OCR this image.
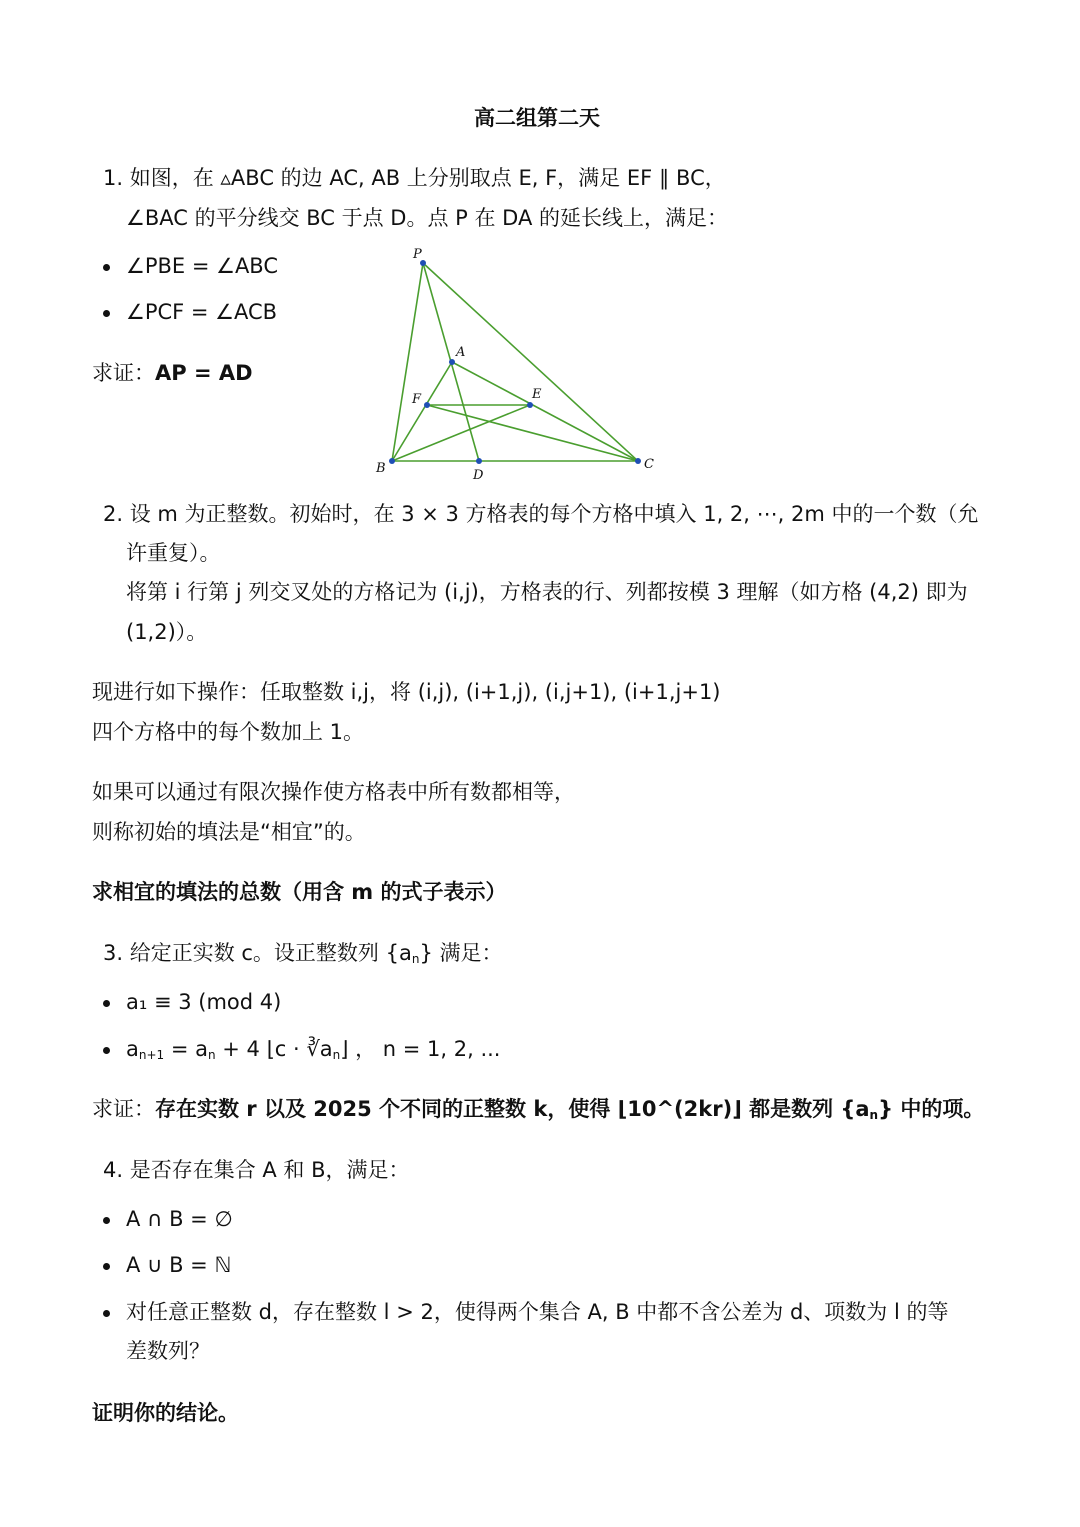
高二组第二天
1. 如图，在 ▵ABC 的边 AC, AB 上分别取点 E, F，满足 EF ∥ BC，
∠BAC 的平分线交 BC 于点 D。点 P 在 DA 的延长线上，满足：
∠PBE = ∠ABC
∠PCF = ∠ACB
求证：AP = AD
P
A
F	E
B	D
C
2. 设 m 为正整数。初始时，在 3 × 3 方格表的每个方格中填入 1, 2, ⋯, 2m 中的一个数（允
许重复）。
将第 i 行第 j 列交叉处的方格记为 (i,j)，方格表的行、列都按模 3 理解（如方格 (4,2) 即为
(1,2)）。
现进行如下操作：任取整数 i,j，将 (i,j), (i+1,j), (i,j+1), (i+1,j+1)
四个方格中的每个数加上 1。
如果可以通过有限次操作使方格表中所有数都相等，
则称初始的填法是“相宜”的。
求相宜的填法的总数（用含 m 的式子表示）
3. 给定正实数 c。设正整数列 $\{a_n\}$ 满足：
a₁ ≡ 3 (mod 4)
$a_{n+1} = a_n + 4$ ⌊c · $∛a_n⌋$ ， n = 1, 2, ...
求证：存在实数 r 以及 2025 个不同的正整数 k，使得 ⌊10^(2kr)⌋ 都是数列 $\{a_n\}$ 中的项。
4. 是否存在集合 A 和 B，满足：
A ∩ B = ∅
A ∪ B = ℕ
对任意正整数 d，存在整数 l > 2，使得两个集合 A, B 中都不含公差为 d、项数为 l 的等
差数列？
证明你的结论。
